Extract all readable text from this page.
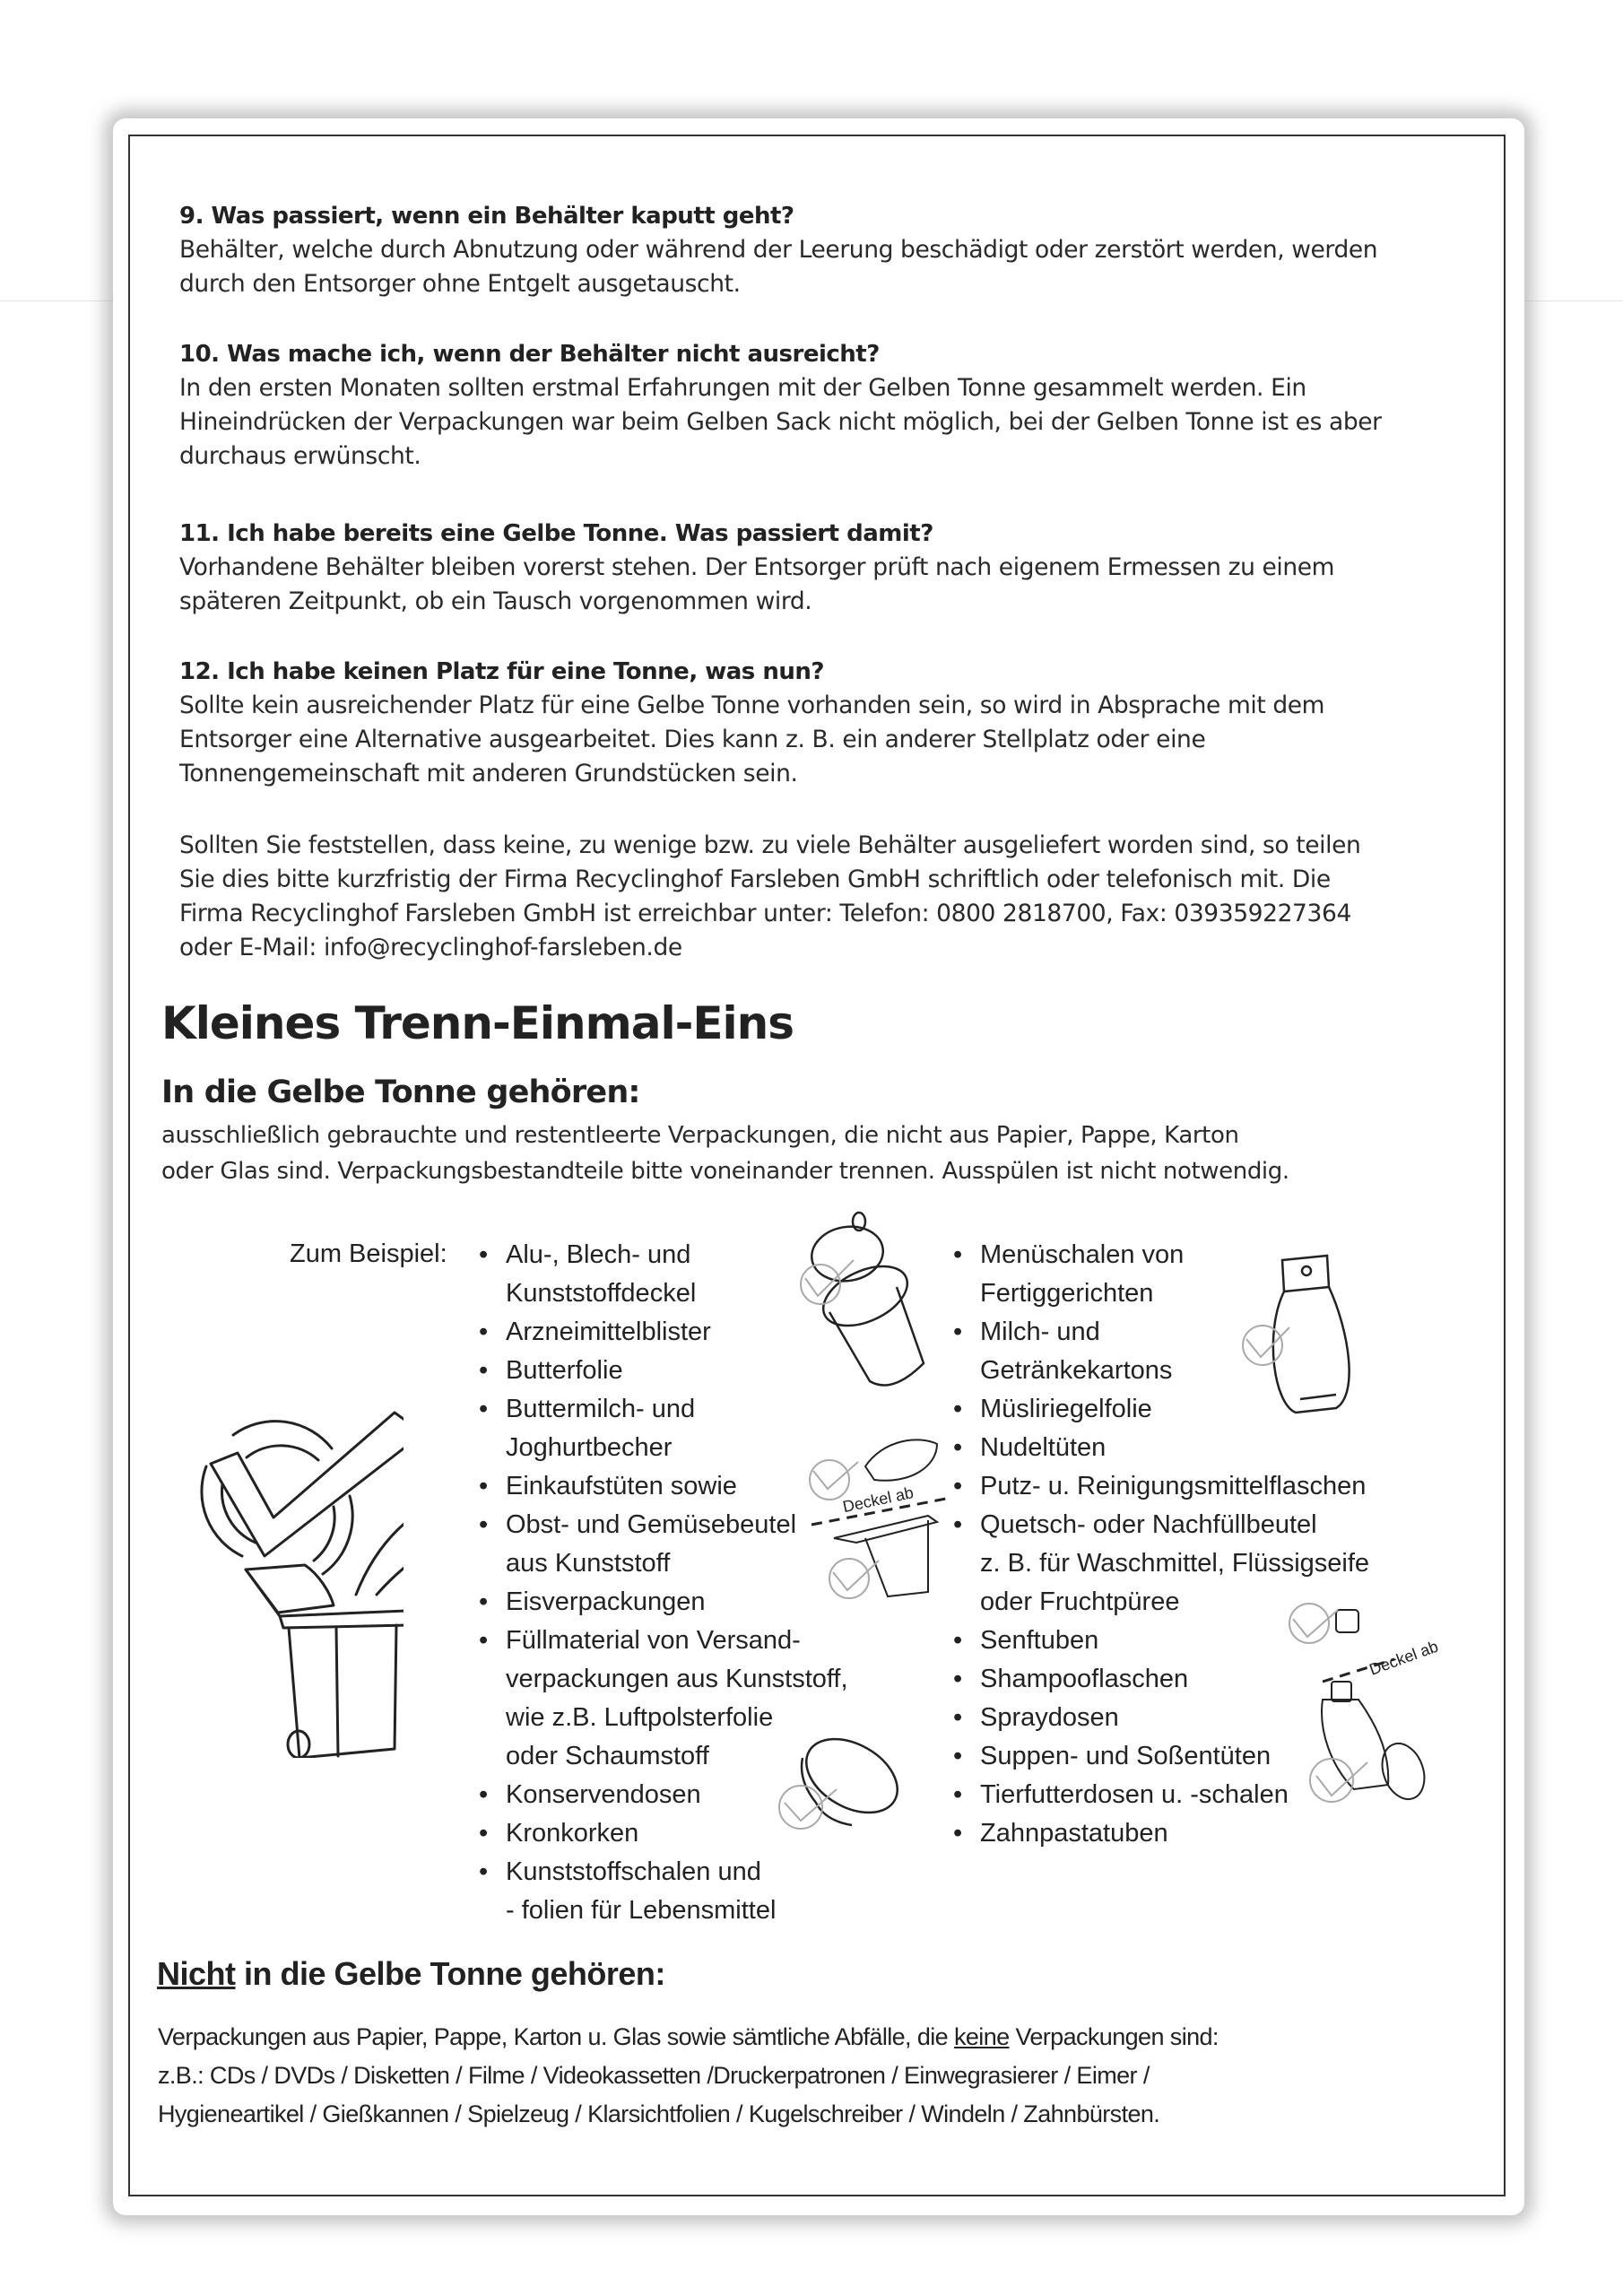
9. Was passiert, wenn ein Behälter kaputt geht?

Behälter, welche durch Abnutzung oder während der Leerung beschädigt oder zerstört werden, werden

durch den Entsorger ohne Entgelt ausgetauscht.

10. Was mache ich, wenn der Behälter nicht ausreicht?

In den ersten Monaten sollten erstmal Erfahrungen mit der Gelben Tonne gesammelt werden. Ein

Hineindrücken der Verpackungen war beim Gelben Sack nicht möglich, bei der Gelben Tonne ist es aber

durchaus erwünscht.

11. Ich habe bereits eine Gelbe Tonne. Was passiert damit?

Vorhandene Behälter bleiben vorerst stehen. Der Entsorger prüft nach eigenem Ermessen zu einem

späteren Zeitpunkt, ob ein Tausch vorgenommen wird.

12. Ich habe keinen Platz für eine Tonne, was nun?

Sollte kein ausreichender Platz für eine Gelbe Tonne vorhanden sein, so wird in Absprache mit dem

Entsorger eine Alternative ausgearbeitet. Dies kann z. B. ein anderer Stellplatz oder eine

Tonnengemeinschaft mit anderen Grundstücken sein.

Sollten Sie feststellen, dass keine, zu wenige bzw. zu viele Behälter ausgeliefert worden sind, so teilen

Sie dies bitte kurzfristig der Firma Recyclinghof Farsleben GmbH schriftlich oder telefonisch mit. Die

Firma Recyclinghof Farsleben GmbH ist erreichbar unter: Telefon: 0800 2818700, Fax: 039359227364

oder E-Mail: info@recyclinghof-farsleben.de

Kleines Trenn-Einmal-Eins
In die Gelbe Tonne gehören:

ausschließlich gebrauchte und restentleerte Verpackungen, die nicht aus Papier, Pappe, Karton

oder Glas sind. Verpackungsbestandteile bitte voneinander trennen. Ausspülen ist nicht notwendig.

Zum Beispiel: • Alu-, Blech- und
Kunststoffdeckel
• Arzneimittelblister
• Butterfolie
• Buttermilch- und
Joghurtbecher
• Einkaufstüten sowie
• Obst- und Gemüsebeutel
aus Kunststoff
• Eisverpackungen
• Füllmaterial von Versand-
verpackungen aus Kunststoff,
wie z.B. Luftpolsterfolie
oder Schaumstoff
• Konservendosen
• Kronkorken
• Kunststoffschalen und
- folien für Lebensmittel
• Menüschalen von
Fertiggerichten
• Milch- und
Getränkekartons
• Müsliriegelfolie
• Nudeltüten
• Putz- u. Reinigungsmittelflaschen
• Quetsch- oder Nachfüllbeutel
z. B. für Waschmittel, Flüssigseife
oder Fruchtpüree
• Senftuben
• Shampooflaschen
• Spraydosen
• Suppen- und Soßentüten
• Tierfutterdosen u. -schalen
• Zahnpastatuben
Deckel ab
Deckel ab
Nicht in die Gelbe Tonne gehören:

Verpackungen aus Papier, Pappe, Karton u. Glas sowie sämtliche Abfälle, die keine Verpackungen sind:

z.B.: CDs / DVDs / Disketten / Filme / Videokassetten /Druckerpatronen / Einwegrasierer / Eimer /

Hygieneartikel / Gießkannen / Spielzeug / Klarsichtfolien / Kugelschreiber / Windeln / Zahnbürsten.
